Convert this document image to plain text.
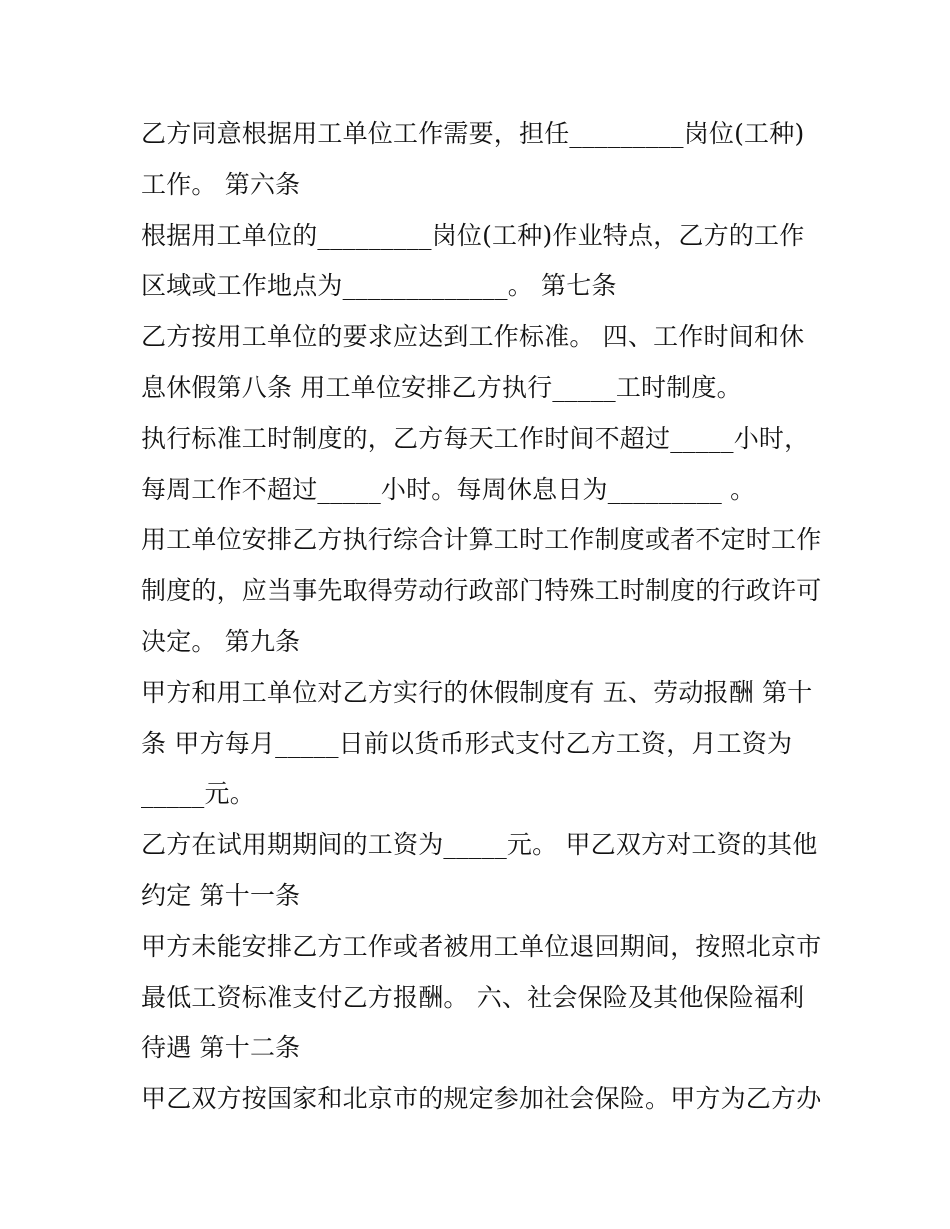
乙方同意根据用工单位工作需要，担任_________岗位(工种)
工作。 第六条
根据用工单位的_________岗位(工种)作业特点，乙方的工作
区域或工作地点为_____________。 第七条
乙方按用工单位的要求应达到工作标准。 四、工作时间和休
息休假第八条 用工单位安排乙方执行_____工时制度。
执行标准工时制度的，乙方每天工作时间不超过_____小时，
每周工作不超过_____小时。每周休息日为_________ 。
用工单位安排乙方执行综合计算工时工作制度或者不定时工作
制度的，应当事先取得劳动行政部门特殊工时制度的行政许可
决定。 第九条
甲方和用工单位对乙方实行的休假制度有 五、劳动报酬 第十
条 甲方每月_____日前以货币形式支付乙方工资，月工资为
_____元。
乙方在试用期期间的工资为_____元。 甲乙双方对工资的其他
约定 第十一条
甲方未能安排乙方工作或者被用工单位退回期间，按照北京市
最低工资标准支付乙方报酬。 六、社会保险及其他保险福利
待遇 第十二条
甲乙双方按国家和北京市的规定参加社会保险。甲方为乙方办
